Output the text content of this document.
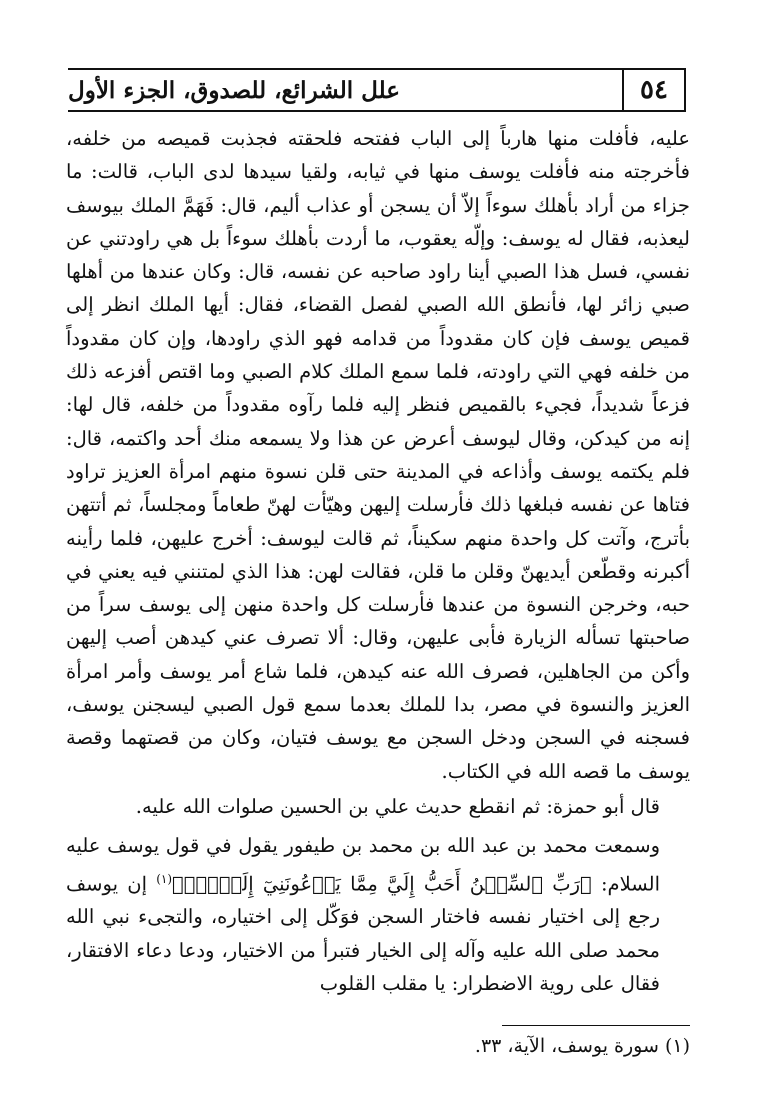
٥٤
علل الشرائع، للصدوق، الجزء الأول

عليه، فأفلت منها هارباً إلى الباب ففتحه فلحقته فجذبت قميصه من خلفه، فأخرجته منه فأفلت يوسف منها في ثيابه، ولقيا سيدها لدى الباب، قالت: ما جزاء من أراد بأهلك سوءاً إلاّ أن يسجن أو عذاب أليم، قال: فَهَمَّ الملك بيوسف ليعذبه، فقال له يوسف: وإلّه يعقوب، ما أردت بأهلك سوءاً بل هي راودتني عن نفسي، فسل هذا الصبي أينا راود صاحبه عن نفسه، قال: وكان عندها من أهلها صبي زائر لها، فأنطق الله الصبي لفصل القضاء، فقال: أيها الملك انظر إلى قميص يوسف فإن كان مقدوداً من قدامه فهو الذي راودها، وإن كان مقدوداً من خلفه فهي التي راودته، فلما سمع الملك كلام الصبي وما اقتص أفزعه ذلك فزعاً شديداً، فجيء بالقميص فنظر إليه فلما رآوه مقدوداً من خلفه، قال لها: إنه من كيدكن، وقال ليوسف أعرض عن هذا ولا يسمعه منك أحد واكتمه، قال: فلم يكتمه يوسف وأذاعه في المدينة حتى قلن نسوة منهم امرأة العزيز تراود فتاها عن نفسه فبلغها ذلك فأرسلت إليهن وهيّأت لهنّ طعاماً ومجلساً، ثم أتتهن بأترج، وآتت كل واحدة منهم سكيناً، ثم قالت ليوسف: أخرج عليهن، فلما رأينه أكبرنه وقطّعن أيديهنّ وقلن ما قلن، فقالت لهن: هذا الذي لمتنني فيه يعني في حبه، وخرجن النسوة من عندها فأرسلت كل واحدة منهن إلى يوسف سراً من صاحبتها تسأله الزيارة فأبى عليهن، وقال: ألا تصرف عني كيدهن أصب إليهن وأكن من الجاهلين، فصرف الله عنه كيدهن، فلما شاع أمر يوسف وأمر امرأة العزيز والنسوة في مصر، بدا للملك بعدما سمع قول الصبي ليسجنن يوسف، فسجنه في السجن ودخل السجن مع يوسف فتيان، وكان من قصتهما وقصة يوسف ما قصه الله في الكتاب.

قال أبو حمزة: ثم انقطع حديث علي بن الحسين صلوات الله عليه.

وسمعت محمد بن عبد الله بن محمد بن طيفور يقول في قول يوسف عليه السلام: ﴿رَبِّ ٱلسِّجۡنُ أَحَبُّ إِلَيَّ مِمَّا يَدۡعُونَنِيٓ إِلَيۡهِۖ﴾$^{(١)}$ إن يوسف رجع إلى اختيار نفسه فاختار السجن فوَكّل إلى اختياره، والتجىء نبي الله محمد صلى الله عليه وآله إلى الخيار فتبرأ من الاختيار، ودعا دعاء الافتقار، فقال على روية الاضطرار: يا مقلب القلوب

(١) سورة يوسف، الآية، ٣٣.
